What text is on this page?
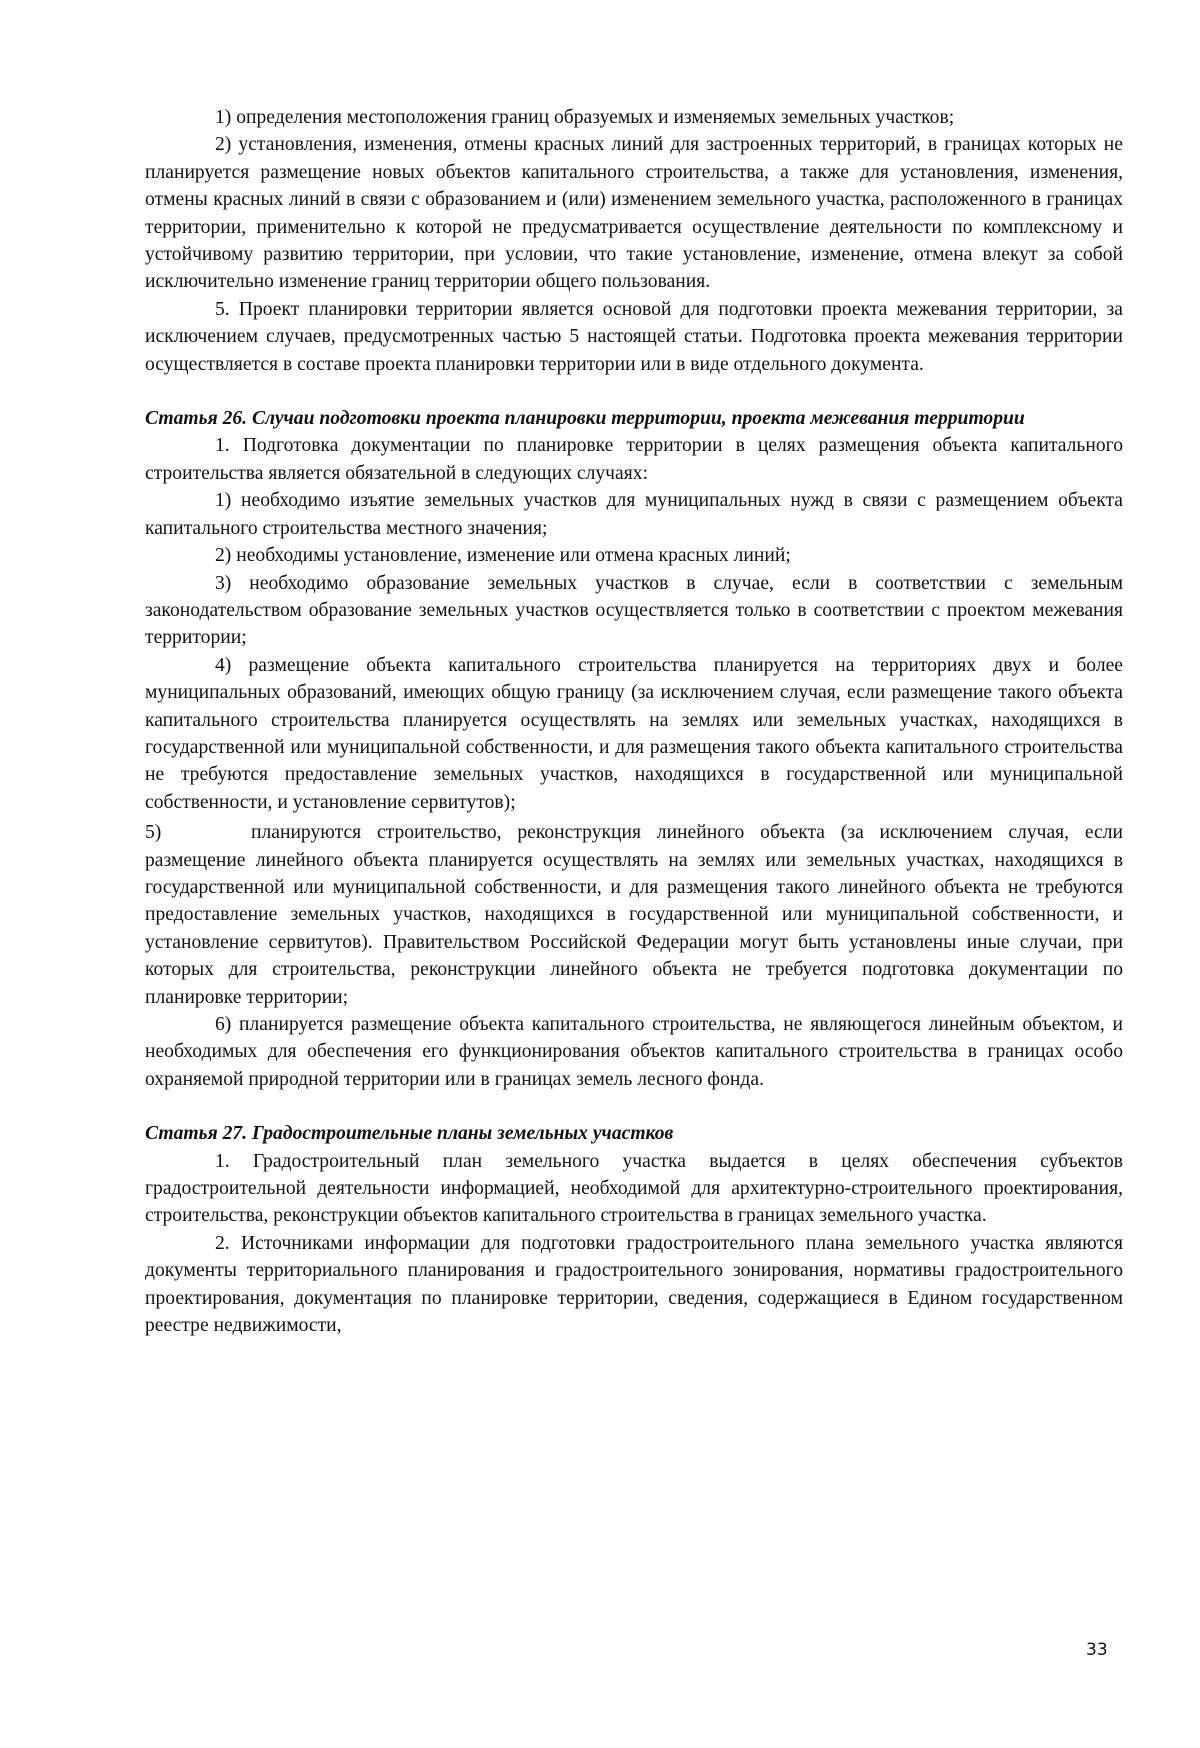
1) определения местоположения границ образуемых и изменяемых земельных участков;

2) установления, изменения, отмены красных линий для застроенных территорий, в границах которых не планируется размещение новых объектов капитального строительства, а также для установления, изменения, отмены красных линий в связи с образованием и (или) изменением земельного участка, расположенного в границах территории, применительно к которой не предусматривается осуществление деятельности по комплексному и устойчивому развитию территории, при условии, что такие установление, изменение, отмена влекут за собой исключительно изменение границ территории общего пользования.

5. Проект планировки территории является основой для подготовки проекта межевания территории, за исключением случаев, предусмотренных частью 5 настоящей статьи. Подготовка проекта межевания территории осуществляется в составе проекта планировки территории или в виде отдельного документа.

Статья 26. Случаи подготовки проекта планировки территории, проекта межевания территории

1. Подготовка документации по планировке территории в целях размещения объекта капитального строительства является обязательной в следующих случаях:

1) необходимо изъятие земельных участков для муниципальных нужд в связи с размещением объекта капитального строительства местного значения;

2) необходимы установление, изменение или отмена красных линий;

3) необходимо образование земельных участков в случае, если в соответствии с земельным законодательством образование земельных участков осуществляется только в соответствии с проектом межевания территории;

4) размещение объекта капитального строительства планируется на территориях двух и более муниципальных образований, имеющих общую границу (за исключением случая, если размещение такого объекта капитального строительства планируется осуществлять на землях или земельных участках, находящихся в государственной или муниципальной собственности, и для размещения такого объекта капитального строительства не требуются предоставление земельных участков, находящихся в государственной или муниципальной собственности, и установление сервитутов);

5)	планируются строительство, реконструкция линейного объекта (за исключением случая, если размещение линейного объекта планируется осуществлять на землях или земельных участках, находящихся в государственной или муниципальной собственности, и для размещения такого линейного объекта не требуются предоставление земельных участков, находящихся в государственной или муниципальной собственности, и установление сервитутов). Правительством Российской Федерации могут быть установлены иные случаи, при которых для строительства, реконструкции линейного объекта не требуется подготовка документации по планировке территории;

6) планируется размещение объекта капитального строительства, не являющегося линейным объектом, и необходимых для обеспечения его функционирования объектов капитального строительства в границах особо охраняемой природной территории или в границах земель лесного фонда.

Статья 27. Градостроительные планы земельных участков

1. Градостроительный план земельного участка выдается в целях обеспечения субъектов градостроительной деятельности информацией, необходимой для архитектурно-строительного проектирования, строительства, реконструкции объектов капитального строительства в границах земельного участка.

2. Источниками информации для подготовки градостроительного плана земельного участка являются документы территориального планирования и градостроительного зонирования, нормативы градостроительного проектирования, документация по планировке территории, сведения, содержащиеся в Едином государственном реестре недвижимости,

33
